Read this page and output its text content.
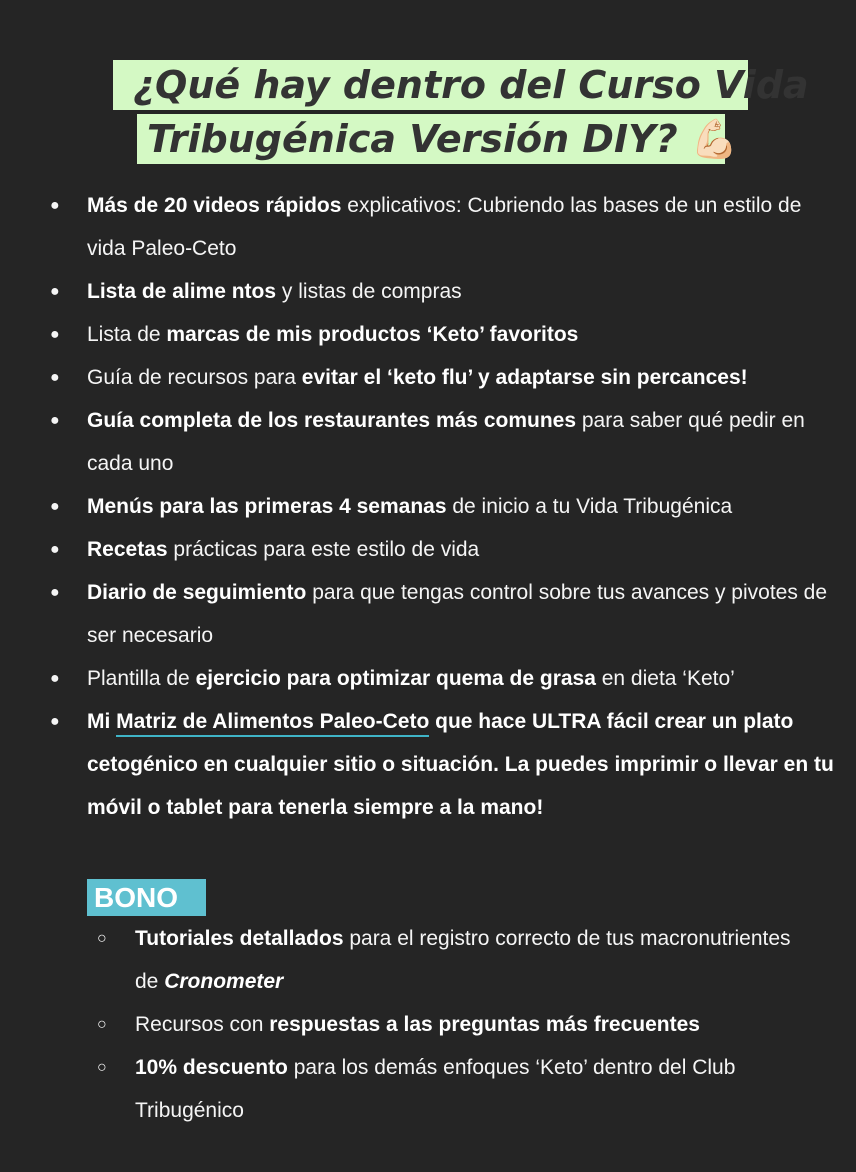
¿Qué hay dentro del Curso Vida
Tribugénica Versión DIY? 💪🏻
● Más de 20 videos rápidos explicativos: Cubriendo las bases de un estilo de vida Paleo-Ceto
● Lista de alime ntos y listas de compras
● Lista de marcas de mis productos ‘Keto’ favoritos
● Guía de recursos para evitar el ‘keto flu’ y adaptarse sin percances!
● Guía completa de los restaurantes más comunes para saber qué pedir en cada uno
● Menús para las primeras 4 semanas de inicio a tu Vida Tribugénica
● Recetas prácticas para este estilo de vida
● Diario de seguimiento para que tengas control sobre tus avances y pivotes de ser necesario
● Plantilla de ejercicio para optimizar quema de grasa en dieta ‘Keto’
● Mi Matriz de Alimentos Paleo-Ceto que hace ULTRA fácil crear un plato cetogénico en cualquier sitio o situación. La puedes imprimir o llevar en tu móvil o tablet para tenerla siempre a la mano!
BONO
○ Tutoriales detallados para el registro correcto de tus macronutrientes de Cronometer
○ Recursos con respuestas a las preguntas más frecuentes
○ 10% descuento para los demás enfoques ‘Keto’ dentro del Club Tribugénico
